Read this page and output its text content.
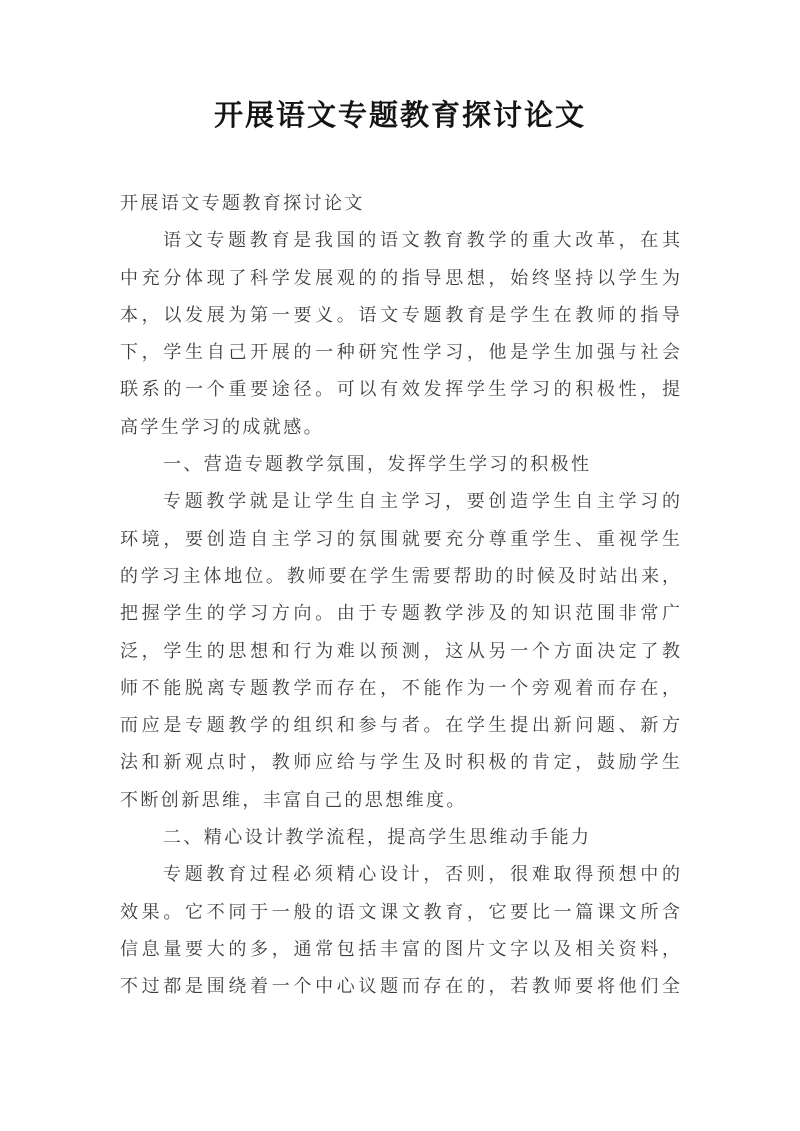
开展语文专题教育探讨论文
开展语文专题教育探讨论文
语文专题教育是我国的语文教育教学的重大改革，在其
中充分体现了科学发展观的的指导思想，始终坚持以学生为
本，以发展为第一要义。语文专题教育是学生在教师的指导
下，学生自己开展的一种研究性学习，他是学生加强与社会
联系的一个重要途径。可以有效发挥学生学习的积极性，提
高学生学习的成就感。
一、营造专题教学氛围，发挥学生学习的积极性
专题教学就是让学生自主学习，要创造学生自主学习的
环境，要创造自主学习的氛围就要充分尊重学生、重视学生
的学习主体地位。教师要在学生需要帮助的时候及时站出来，
把握学生的学习方向。由于专题教学涉及的知识范围非常广
泛，学生的思想和行为难以预测，这从另一个方面决定了教
师不能脱离专题教学而存在，不能作为一个旁观着而存在，
而应是专题教学的组织和参与者。在学生提出新问题、新方
法和新观点时，教师应给与学生及时积极的肯定，鼓励学生
不断创新思维，丰富自己的思想维度。
二、精心设计教学流程，提高学生思维动手能力
专题教育过程必须精心设计，否则，很难取得预想中的
效果。它不同于一般的语文课文教育，它要比一篇课文所含
信息量要大的多，通常包括丰富的图片文字以及相关资料，
不过都是围绕着一个中心议题而存在的，若教师要将他们全
